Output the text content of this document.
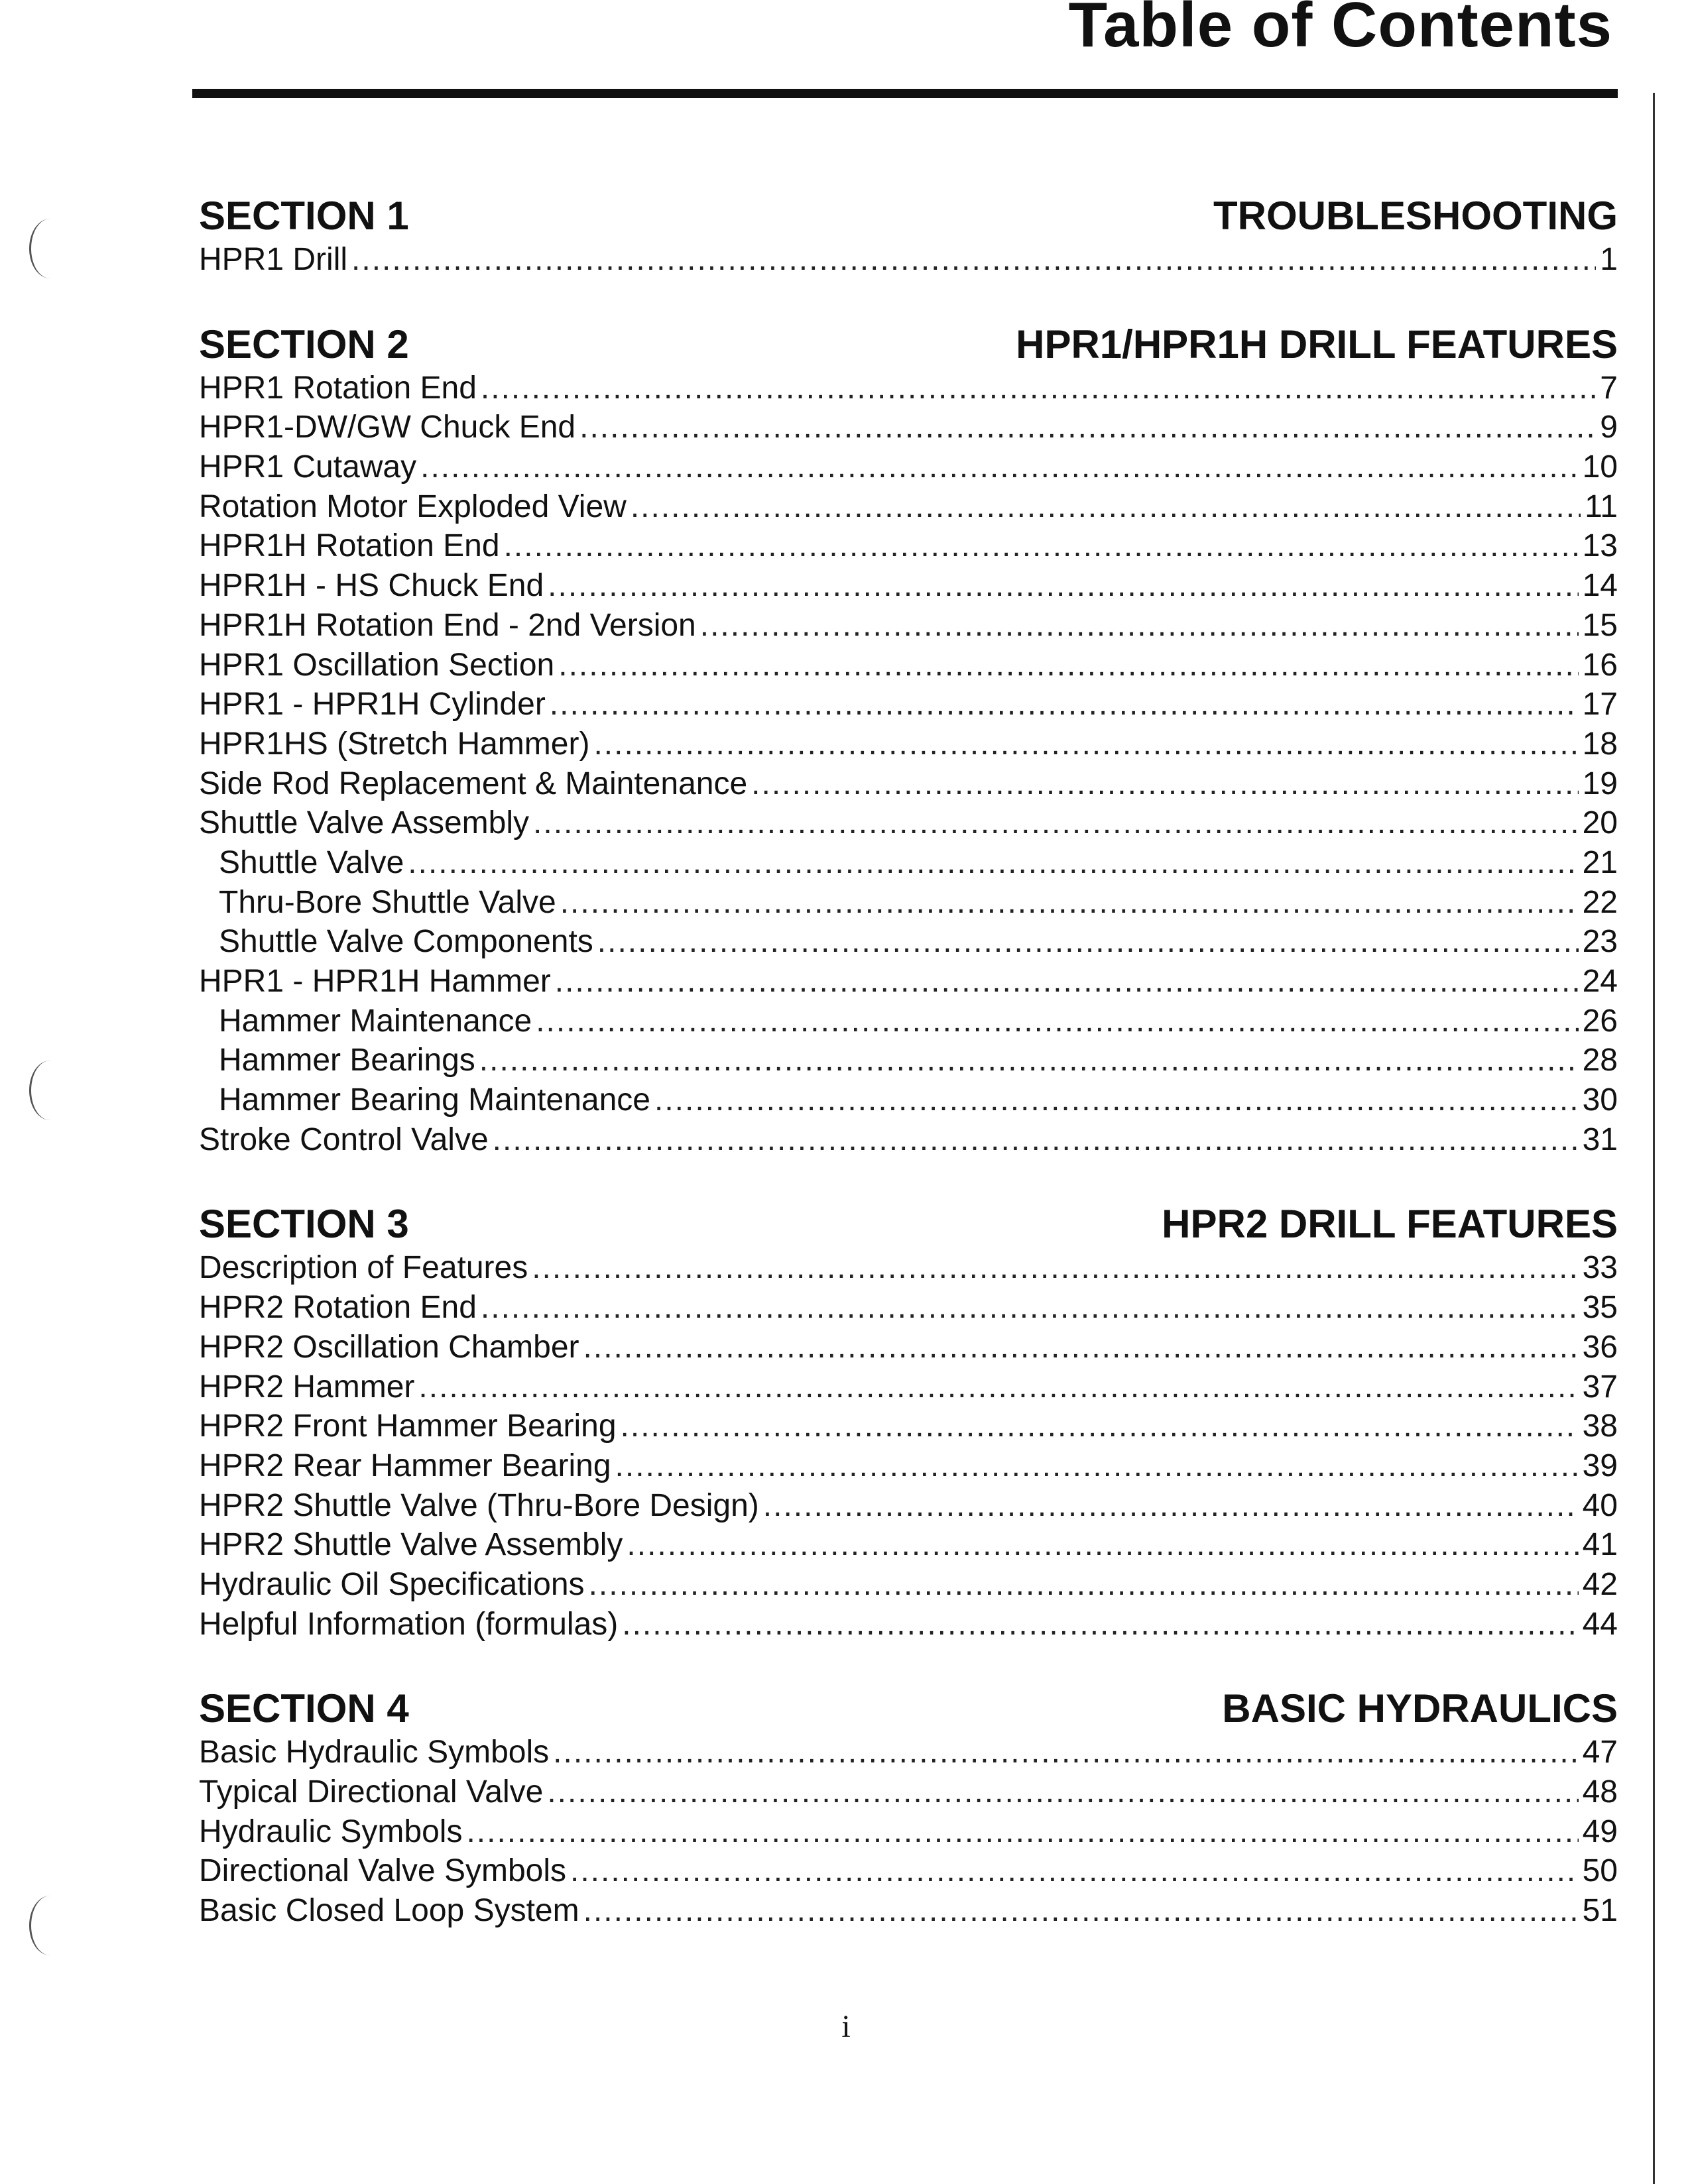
Table of Contents
SECTION 1	TROUBLESHOOTING
HPR1 Drill .....	1
SECTION 2	HPR1/HPR1H DRILL FEATURES
HPR1 Rotation End .....	7
HPR1-DW/GW Chuck End .....	9
HPR1 Cutaway .....	10
Rotation Motor Exploded View .....	11
HPR1H Rotation End .....	13
HPR1H - HS Chuck End .....	14
HPR1H Rotation End - 2nd Version .....	15
HPR1 Oscillation Section .....	16
HPR1 - HPR1H Cylinder .....	17
HPR1HS (Stretch Hammer) .....	18
Side Rod Replacement & Maintenance .....	19
Shuttle Valve Assembly .....	20
Shuttle Valve .....	21
Thru-Bore Shuttle Valve .....	22
Shuttle Valve Components .....	23
HPR1 - HPR1H Hammer .....	24
Hammer Maintenance .....	26
Hammer Bearings .....	28
Hammer Bearing Maintenance .....	30
Stroke Control Valve .....	31
SECTION 3	HPR2 DRILL FEATURES
Description of Features .....	33
HPR2 Rotation End .....	35
HPR2 Oscillation Chamber .....	36
HPR2 Hammer .....	37
HPR2 Front Hammer Bearing .....	38
HPR2 Rear Hammer Bearing .....	39
HPR2 Shuttle Valve (Thru-Bore Design) .....	40
HPR2 Shuttle Valve Assembly .....	41
Hydraulic Oil Specifications .....	42
Helpful Information (formulas) .....	44
SECTION 4	BASIC HYDRAULICS
Basic Hydraulic Symbols .....	47
Typical Directional Valve .....	48
Hydraulic Symbols .....	49
Directional Valve Symbols .....	50
Basic Closed Loop System .....	51
i
